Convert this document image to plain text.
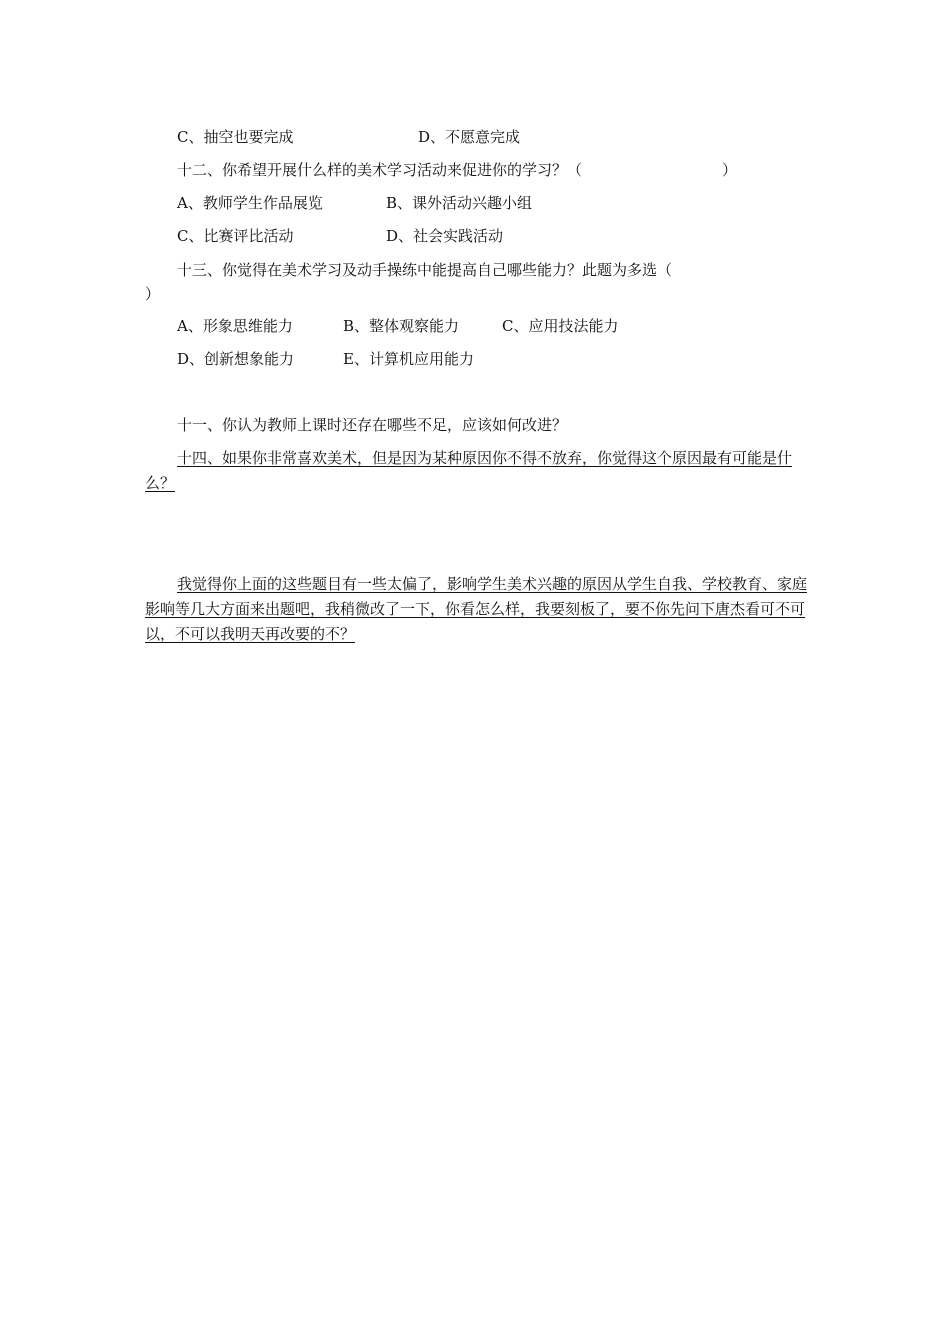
C、抽空也要完成	D、不愿意完成
十二、你希望开展什么样的美术学习活动来促进你的学习？（	）
A、教师学生作品展览	B、课外活动兴趣小组
C、比赛评比活动	D、社会实践活动
十三、你觉得在美术学习及动手操练中能提高自己哪些能力？此题为多选（
）
A、形象思维能力	B、整体观察能力	C、应用技法能力
D、创新想象能力	E、计算机应用能力
十一、你认为教师上课时还存在哪些不足，应该如何改进？
十四、如果你非常喜欢美术，但是因为某种原因你不得不放弃，你觉得这个原因最有可能是什么？
我觉得你上面的这些题目有一些太偏了，影响学生美术兴趣的原因从学生自我、学校教育、家庭影响等几大方面来出题吧，我稍微改了一下，你看怎么样，我要刻板了，要不你先问下唐杰看可不可以，不可以我明天再改要的不？
